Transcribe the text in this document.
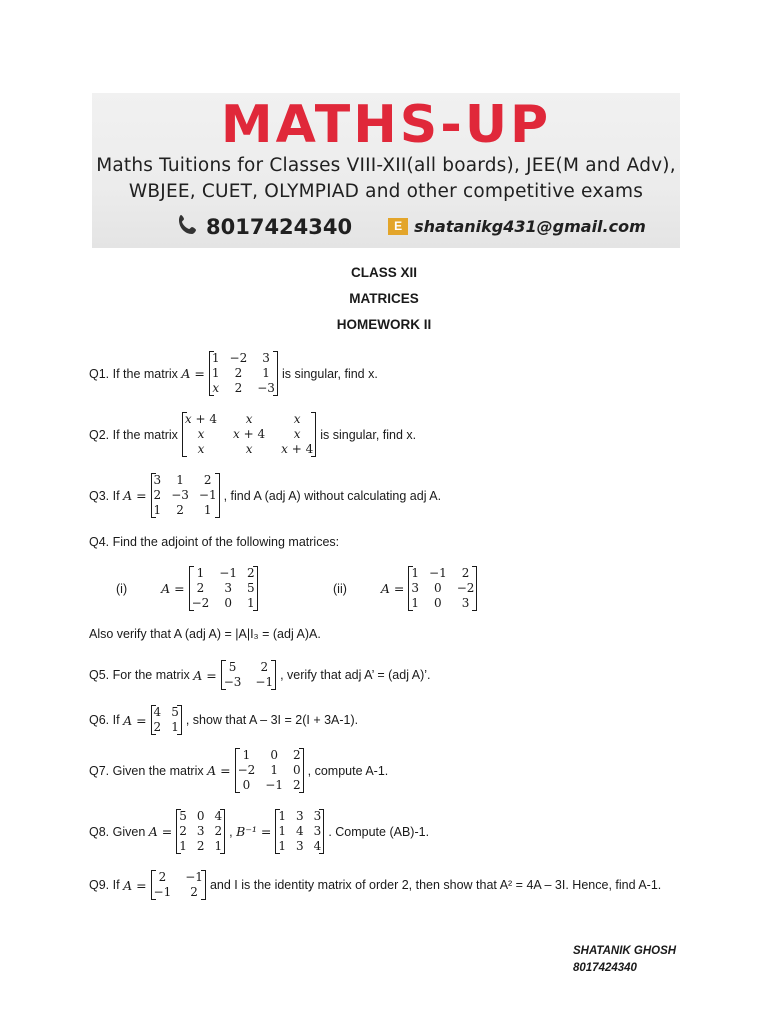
MATHS-UP
Maths Tuitions for Classes VIII-XII(all boards), JEE(M and Adv),
WBJEE, CUET, OLYMPIAD and other competitive exams
8017424340	E shatanikg431@gmail.com
CLASS XII
MATRICES
HOMEWORK II
Q1. If the matrix
A =
1 −2	3
1	2	1
x	2	−3
is singular, find x.
Q2. If the matrix
x + 4	x	x
x	x + 4	x
x	x	x + 4
is singular, find x.
Q3. If
A =
3	1	2
2 −3 −1
1	2	1
, find A (adj A) without calculating adj A.
Q4. Find the adjoint of the following matrices:
(i)	A =
1	−1 2
2	3	5
−2	0	1
(ii)	A =
1 −1	2
3	0	−2
1	0	3
Also verify that A (adj A) = |A|I₃ = (adj A)A.
Q5. For the matrix
A =
5	2
−3 −1 , verify that adj A’ = (adj A)’.
Q6. If
A =
4 5
2 1 , show that A – 3I = 2(I + 3A-1).
Q7. Given the matrix
A =
1	0	2
−2	1	0
0	−1 2
, compute A-1.
Q8. Given
A =
5 0 4
2 3 2
1 2 1
,
B⁻¹ =
1 3 3
1 4 3
1 3 4
. Compute (AB)-1.
Q9. If
A =
2	−1
−1	2 and I is the identity matrix of order 2, then show that A² = 4A – 3I. Hence, find A-1.
SHATANIK GHOSH
8017424340
